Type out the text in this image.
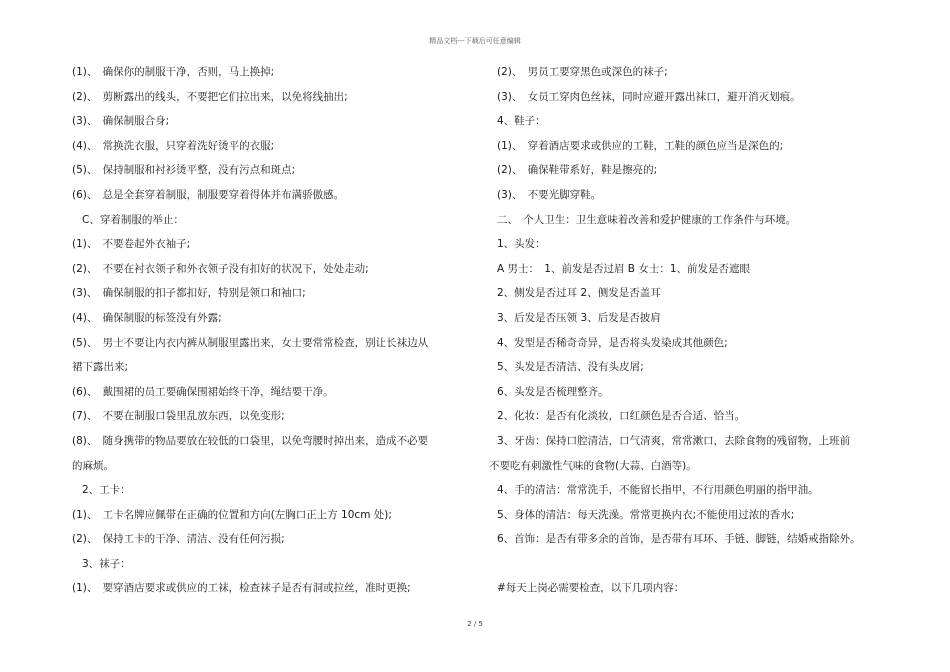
精品文档---下载后可任意编辑
(1)、　确保你的制服干净，否则，马上换掉;
(2)、　剪断露出的线头，不要把它们拉出来，以免将线抽出;
(3)、　确保制服合身;
(4)、　常换洗衣服，只穿着洗好烫平的衣服;
(5)、　保持制服和衬衫烫平整，没有污点和斑点;
(6)、　总是全套穿着制服，制服要穿着得体并布满骄傲感。
C、穿着制服的举止：
(1)、　不要卷起外衣袖子;
(2)、　不要在衬衣领子和外衣领子没有扣好的状况下，处处走动;
(3)、　确保制服的扣子都扣好，特别是领口和袖口;
(4)、　确保制服的标签没有外露;
(5)、　男士不要让内衣内裤从制服里露出来，女士要常常检查，别让长袜边从
裙下露出来;
(6)、　戴围裙的员工要确保围裙始终干净，绳结要干净。
(7)、　不要在制服口袋里乱放东西，以免变形;
(8)、　随身携带的物品要放在较低的口袋里，以免弯腰时掉出来，造成不必要
的麻烦。
2、工卡：
(1)、　工卡名牌应佩带在正确的位置和方向(左胸口正上方 10cm 处);
(2)、　保持工卡的干净、清洁、没有任何污损;
3、袜子：
(1)、　要穿酒店要求或供应的工袜，检查袜子是否有洞或拉丝，准时更换;
(2)、　男员工要穿黑色或深色的袜子;
(3)、　女员工穿肉色丝袜，同时应避开露出袜口，避开消灭划痕。
4、鞋子：
(1)、　穿着酒店要求或供应的工鞋，工鞋的颜色应当是深色的;
(2)、　确保鞋带系好，鞋是擦亮的;
(3)、　不要光脚穿鞋。
二、　个人卫生：卫生意味着改善和爱护健康的工作条件与环境。
1、头发：
A 男士：　1、前发是否过眉 B 女士：1、前发是否遮眼
2、侧发是否过耳 2、侧发是否盖耳
3、后发是否压领 3、后发是否披肩
4、发型是否稀奇奇异，是否将头发染成其他颜色;
5、头发是否清洁、没有头皮屑;
6、头发是否梳理整齐。
2、化妆：是否有化淡妆，口红颜色是否合适、恰当。
3、牙齿：保持口腔清洁，口气清爽，常常漱口，去除食物的残留物，上班前
不要吃有刺激性气味的食物(大蒜、白酒等)。
4、手的清洁：常常洗手，不能留长指甲，不行用颜色明丽的指甲油。
5、身体的清洁：每天洗澡。常常更换内衣;不能使用过浓的香水;
6、首饰：是否有带多余的首饰，是否带有耳环、手链、脚链，结婚戒指除外。
#每天上岗必需要检查，以下几项内容：
2 / 5
